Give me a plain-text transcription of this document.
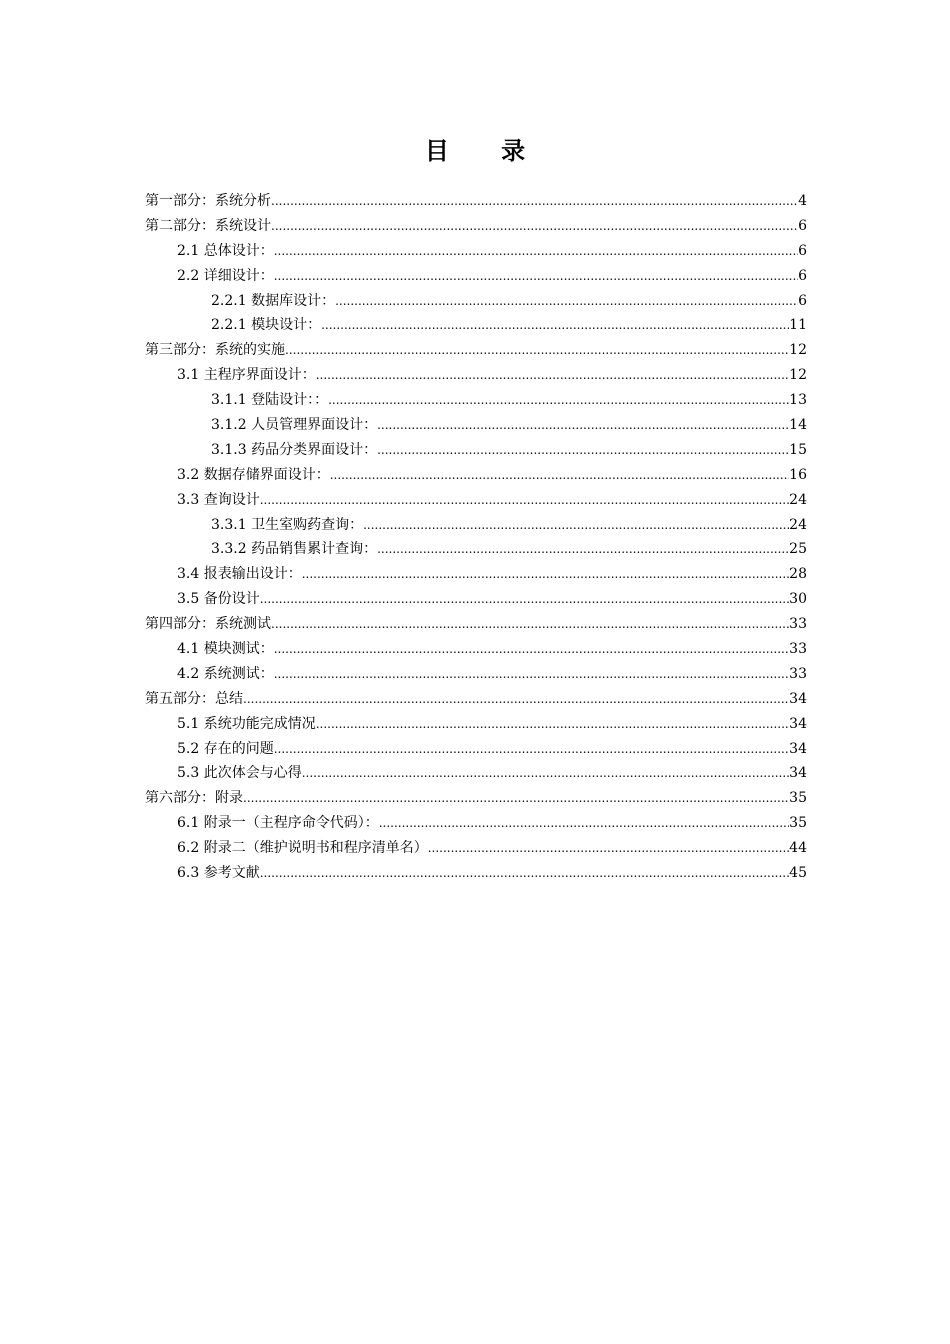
目 录
第一部分：系统分析 .....	4
第二部分：系统设计 .....	6
2.1 总体设计： .....	6
2.2 详细设计： .....	6
2.2.1 数据库设计： .....	6
2.2.1 模块设计： .....	11
第三部分：系统的实施 .....	12
3.1 主程序界面设计： .....	12
3.1.1 登陆设计：： .....	13
3.1.2 人员管理界面设计： .....	14
3.1.3 药品分类界面设计： .....	15
3.2 数据存储界面设计： .....	16
3.3 查询设计 .....	24
3.3.1 卫生室购药查询： .....	24
3.3.2 药品销售累计查询： .....	25
3.4 报表输出设计： .....	28
3.5 备份设计 .....	30
第四部分：系统测试 .....	33
4.1 模块测试： .....	33
4.2 系统测试： .....	33
第五部分：总结 .....	34
5.1 系统功能完成情况 .....	34
5.2 存在的问题 .....	34
5.3 此次体会与心得 .....	34
第六部分：附录 .....	35
6.1 附录一（主程序命令代码）： .....	35
6.2 附录二（维护说明书和程序清单名） .....	44
6.3 参考文献 .....	45
